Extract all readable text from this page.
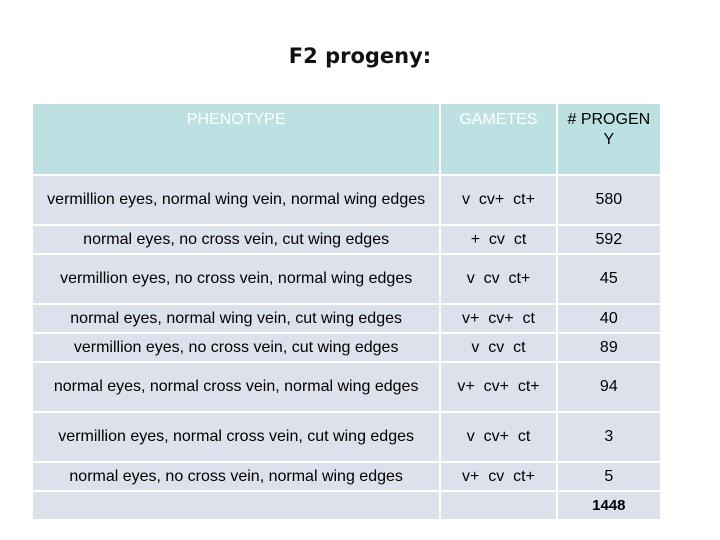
F2 progeny:
PHENOTYPE	GAMETES	# PROGEN Y
vermillion eyes, normal wing vein, normal wing edges	v  cv+  ct+	580
normal eyes, no cross vein, cut wing edges	+  cv  ct	592
vermillion eyes, no cross vein, normal wing edges	v  cv  ct+	45
normal eyes, normal wing vein, cut wing edges	v+  cv+  ct	40
vermillion eyes, no cross vein, cut wing edges	v  cv  ct	89
normal eyes, normal cross vein, normal wing edges	v+  cv+  ct+	94
vermillion eyes, normal cross vein, cut wing edges	v  cv+  ct	3
normal eyes, no cross vein, normal wing edges	v+  cv  ct+	5
		1448
